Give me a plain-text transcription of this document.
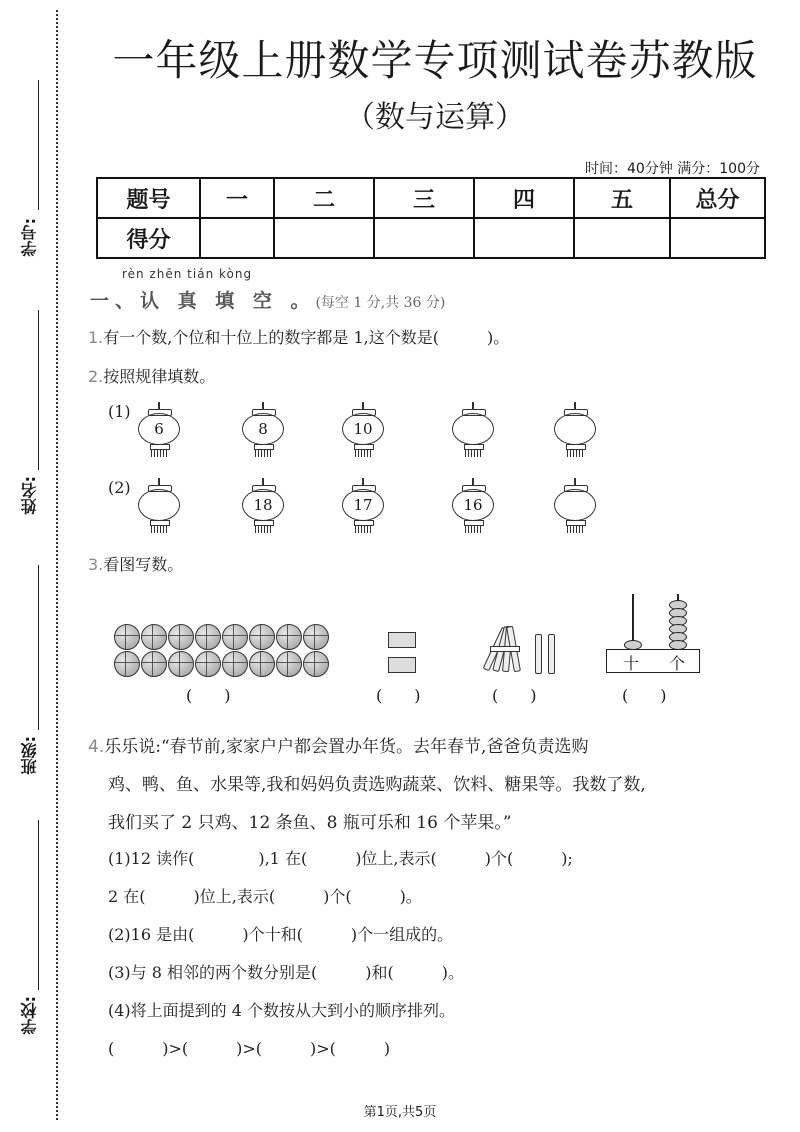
学号:
姓名:
班级:
学校:
一年级上册数学专项测试卷苏教版
（数与运算）
时间：40分钟 满分：100分
题号	一	二	三	四	五	总分
得分						
rèn zhēn tián kòng
一、认 真 填 空 。(每空 1 分,共 36 分)
1.有一个数,个位和十位上的数字都是 1,这个数是(　　　)。
2.按照规律填数。
(1)
6	8	10
(2)
18	17	16
3.看图写数。
(　　)	(　　)	(　　)
十 个
(　　)
4.乐乐说:“春节前,家家户户都会置办年货。去年春节,爸爸负责选购
鸡、鸭、鱼、水果等,我和妈妈负责选购蔬菜、饮料、糖果等。我数了数,
我们买了 2 只鸡、12 条鱼、8 瓶可乐和 16 个苹果。”
(1)12 读作(　　　　),1 在(　　　)位上,表示(　　　)个(　　　);
2 在(　　　)位上,表示(　　　)个(　　　)。
(2)16 是由(　　　)个十和(　　　)个一组成的。
(3)与 8 相邻的两个数分别是(　　　)和(　　　)。
(4)将上面提到的 4 个数按从大到小的顺序排列。
(　　　)>(　　　)>(　　　)>(　　　)
第1页,共5页
